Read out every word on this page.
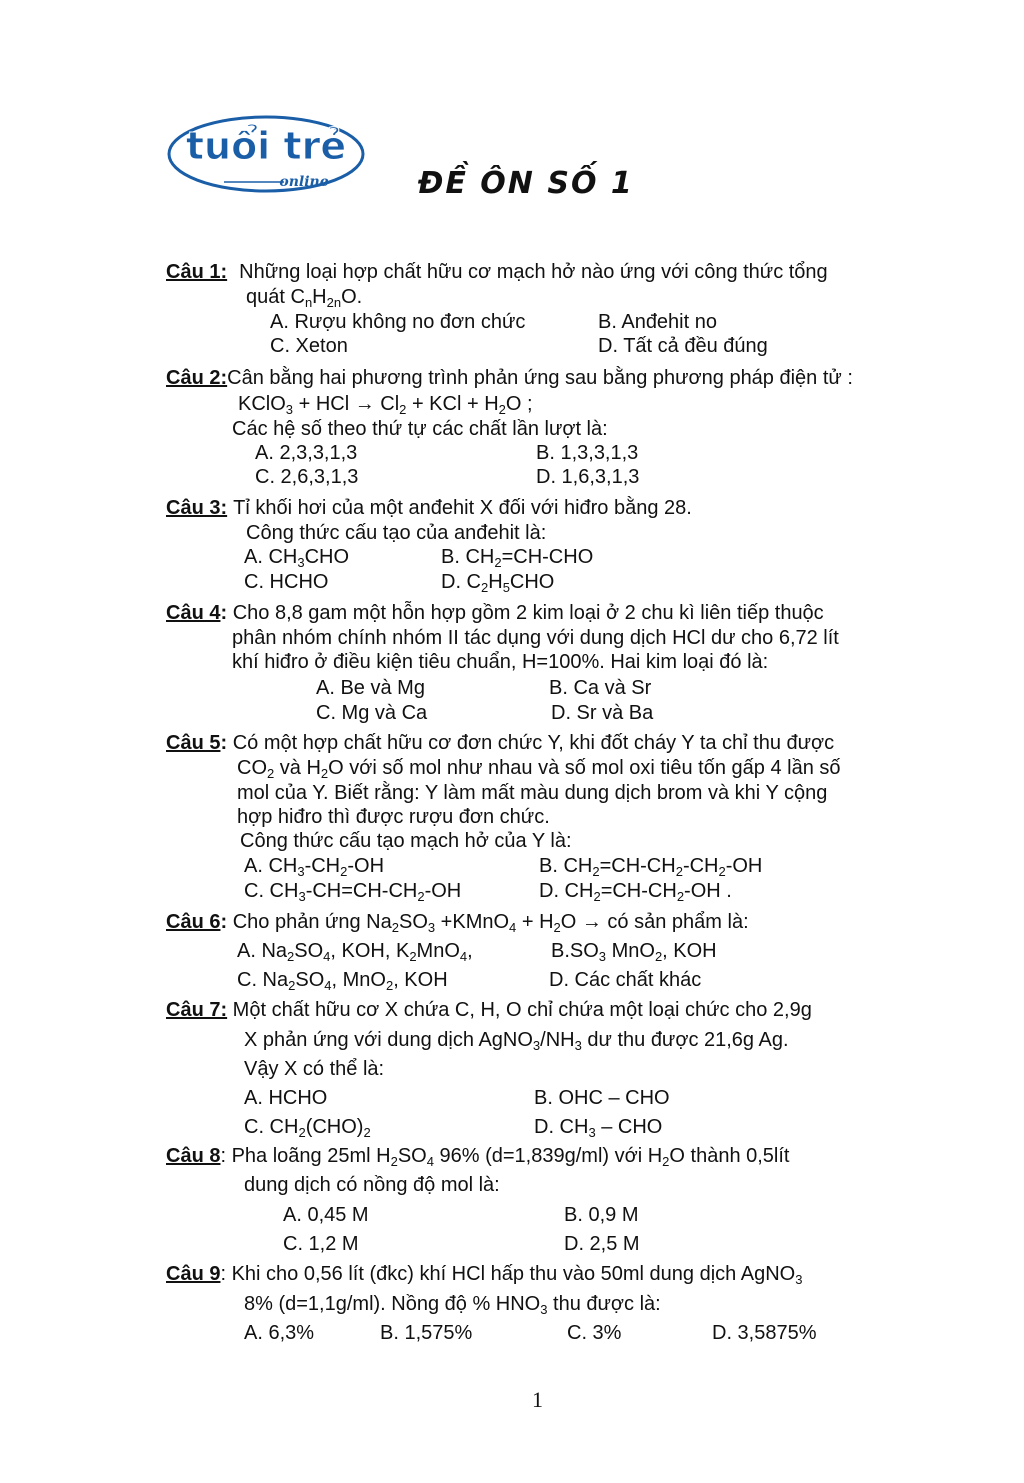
tuổi trẻ
online	ĐỀ ÔN SỐ 1
Câu 1: Những loại hợp chất hữu cơ mạch hở nào ứng với công thức tổng
quát $C_nH_{2n}O$.
A. Rượu không no đơn chức	B. Anđehit no
C. Xeton	D. Tất cả đều đúng
Câu 2:Cân bằng hai phương trình phản ứng sau bằng phương pháp điện tử :
KClO$_3$ + HCl → $Cl_2$ + KCl + $H_2O$ ;
Các hệ số theo thứ tự các chất lần lượt là:
A. 2,3,3,1,3	B. 1,3,3,1,3
C. 2,6,3,1,3	D. 1,6,3,1,3
Câu 3: Tỉ khối hơi của một anđehit X đối với hiđro bằng 28.
Công thức cấu tạo của anđehit là:
A. $CH_3CHO$	B. $CH_2=CH$-CHO
C. HCHO	D. $C_2H_5CHO$
Câu 4: Cho 8,8 gam một hỗn hợp gồm 2 kim loại ở 2 chu kì liên tiếp thuộc
phân nhóm chính nhóm II tác dụng với dung dịch HCl dư cho 6,72 lít
khí hiđro ở điều kiện tiêu chuẩn, H=100%. Hai kim loại đó là:
A. Be và Mg	B. Ca và Sr
C. Mg và Ca	D. Sr và Ba
Câu 5: Có một hợp chất hữu cơ đơn chức Y, khi đốt cháy Y ta chỉ thu được
$CO_2$ và $H_2O$ với số mol như nhau và số mol oxi tiêu tốn gấp 4 lần số
mol của Y. Biết rằng: Y làm mất màu dung dịch brom và khi Y cộng
hợp hiđro thì được rượu đơn chức.
Công thức cấu tạo mạch hở của Y là:
A. $CH_3-CH_2-OH$	B. $CH_2=CH-CH_2-CH_2-OH$
C. $CH_3-CH=CH-CH_2-OH$	D. $CH_2=CH-CH_2-OH$ .
Câu 6: Cho phản ứng $Na_2SO_3$ +KMnO$_4$ + $H_2O$ → có sản phẩm là:
A. $Na_2SO_4$, KOH, $K_2MnO_4$,	$B.SO_3$ MnO$_2$, KOH
C. $Na_2SO_4$, MnO$_2$, KOH	D. Các chất khác
Câu 7: Một chất hữu cơ X chứa C, H, O chỉ chứa một loại chức cho 2,9g
X phản ứng với dung dịch $AgNO_3/NH_3$ dư thu được 21,6g Ag.
Vậy X có thể là:
A. HCHO	B. OHC – CHO
C. $CH_2(CHO)_2$	D. $CH_3$ – CHO
Câu 8: Pha loãng 25ml $H_2SO_4$ 96% (d=1,839g/ml) với $H_2O$ thành 0,5lít
dung dịch có nồng độ mol là:
A. 0,45 M	B. 0,9 M
C. 1,2 M	D. 2,5 M
Câu 9: Khi cho 0,56 lít (đkc) khí HCl hấp thu vào 50ml dung dịch AgNO$_3$
8% (d=1,1g/ml). Nồng độ % $HNO_3$ thu được là:
A. 6,3%	B. 1,575%	C. 3%	D. 3,5875%
1
